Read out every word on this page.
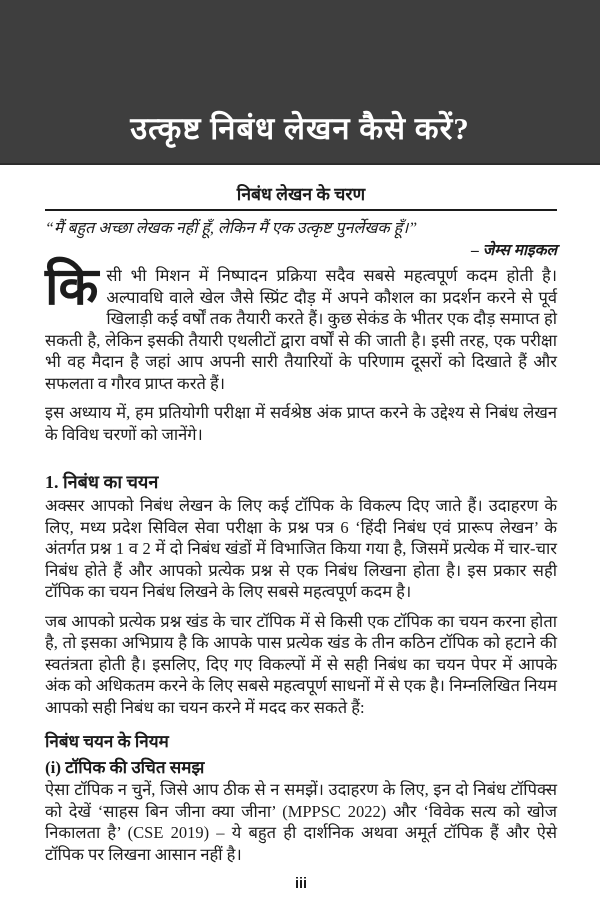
उत्कृष्ट निबंध लेखन कैसे करें?
निबंध लेखन के चरण
“मैं बहुत अच्छा लेखक नहीं हूँ, लेकिन मैं एक उत्कृष्ट पुनर्लेखक हूँ।”
– जेम्स माइकल

किसी भी मिशन में निष्पादन प्रक्रिया सदैव सबसे महत्वपूर्ण कदम होती है। अल्पावधि वाले खेल जैसे स्प्रिंट दौड़ में अपने कौशल का प्रदर्शन करने से पूर्व खिलाड़ी कई वर्षों तक तैयारी करते हैं। कुछ सेकंड के भीतर एक दौड़ समाप्त हो सकती है, लेकिन इसकी तैयारी एथलीटों द्वारा वर्षों से की जाती है। इसी तरह, एक परीक्षा भी वह मैदान है जहां आप अपनी सारी तैयारियों के परिणाम दूसरों को दिखाते हैं और सफलता व गौरव प्राप्त करते हैं।

इस अध्याय में, हम प्रतियोगी परीक्षा में सर्वश्रेष्ठ अंक प्राप्त करने के उद्देश्य से निबंध लेखन के विविध चरणों को जानेंगे।

1. निबंध का चयन

अक्सर आपको निबंध लेखन के लिए कई टॉपिक के विकल्प दिए जाते हैं। उदाहरण के लिए, मध्य प्रदेश सिविल सेवा परीक्षा के प्रश्न पत्र 6 ‘हिंदी निबंध एवं प्रारूप लेखन’ के अंतर्गत प्रश्न 1 व 2 में दो निबंध खंडों में विभाजित किया गया है, जिसमें प्रत्येक में चार-चार निबंध होते हैं और आपको प्रत्येक प्रश्न से एक निबंध लिखना होता है। इस प्रकार सही टॉपिक का चयन निबंध लिखने के लिए सबसे महत्वपूर्ण कदम है।

जब आपको प्रत्येक प्रश्न खंड के चार टॉपिक में से किसी एक टॉपिक का चयन करना होता है, तो इसका अभिप्राय है कि आपके पास प्रत्येक खंड के तीन कठिन टॉपिक को हटाने की स्वतंत्रता होती है। इसलिए, दिए गए विकल्पों में से सही निबंध का चयन पेपर में आपके अंक को अधिकतम करने के लिए सबसे महत्वपूर्ण साधनों में से एक है। निम्नलिखित नियम आपको सही निबंध का चयन करने में मदद कर सकते हैं:

निबंध चयन के नियम
(i) टॉपिक की उचित समझ

ऐसा टॉपिक न चुनें, जिसे आप ठीक से न समझें। उदाहरण के लिए, इन दो निबंध टॉपिक्स को देखें ‘साहस बिन जीना क्या जीना’ (MPPSC 2022) और ‘विवेक सत्य को खोज निकालता है’ (CSE 2019) – ये बहुत ही दार्शनिक अथवा अमूर्त टॉपिक हैं और ऐसे टॉपिक पर लिखना आसान नहीं है।

iii
